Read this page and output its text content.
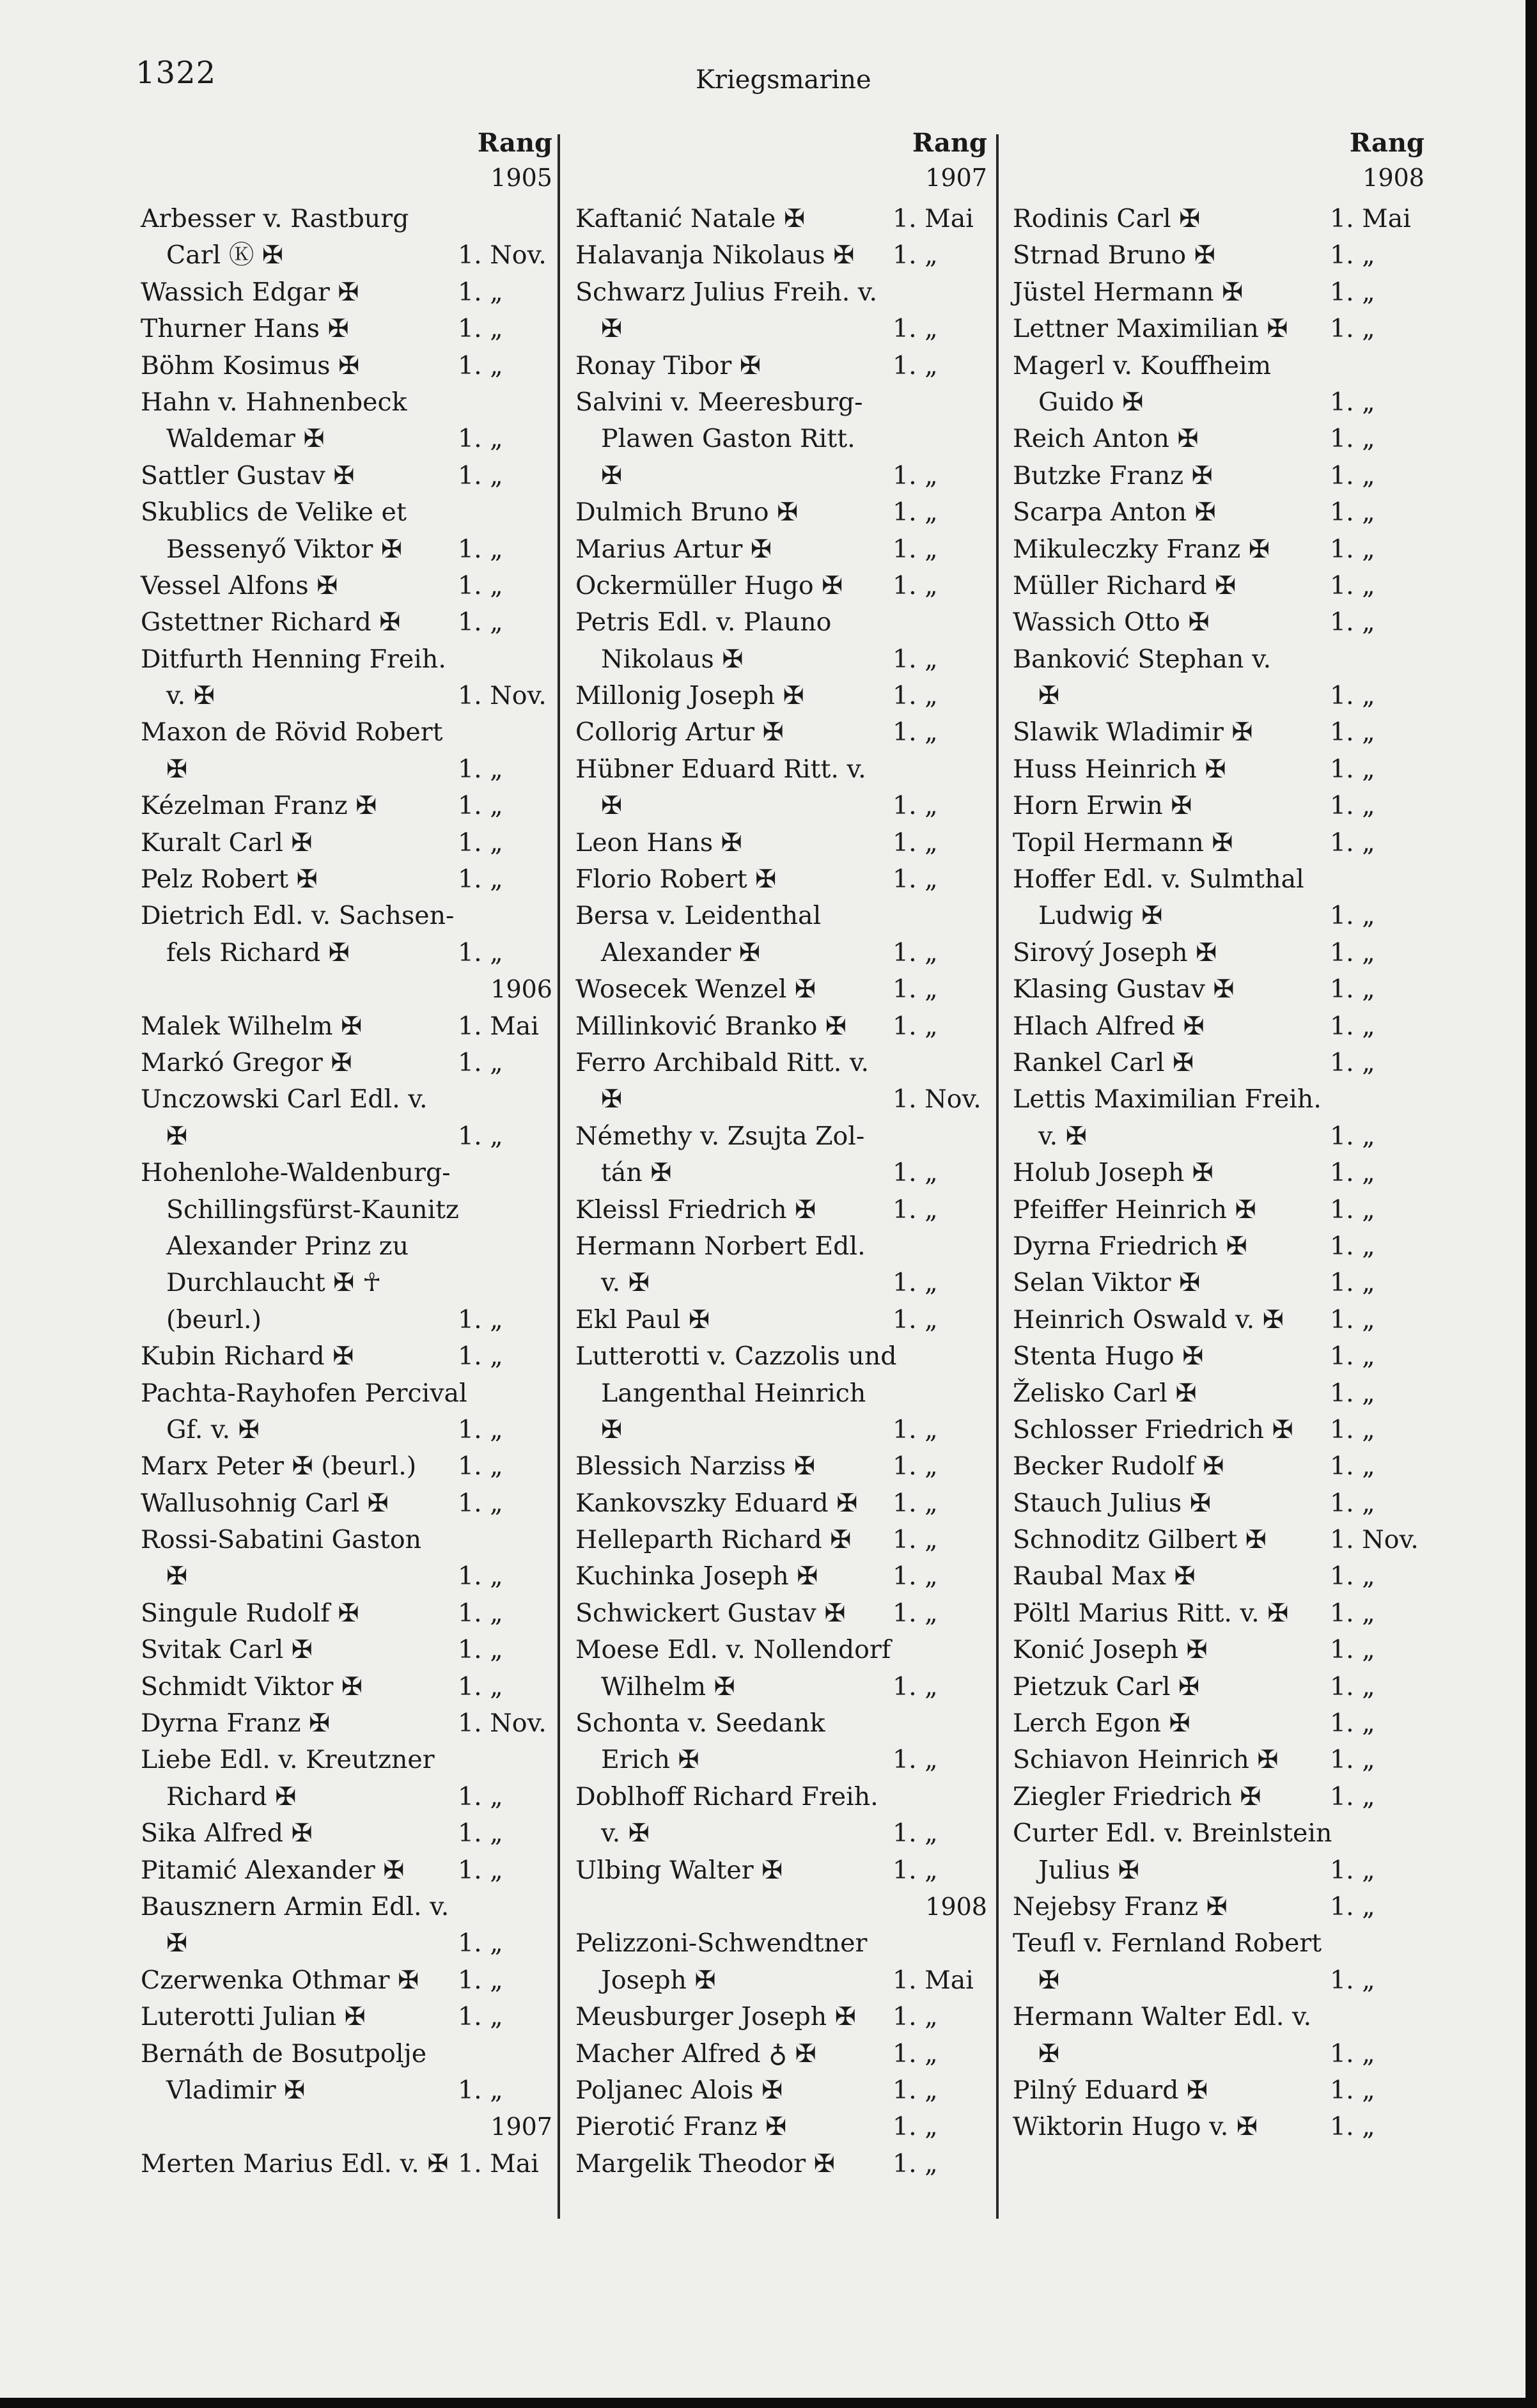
1322	Kriegsmarine
Rang
1905
Arbesser v. Rastburg
Carl Ⓚ ✠	1. Nov.
Wassich Edgar ✠	1. „
Thurner Hans ✠	1. „
Böhm Kosimus ✠	1. „
Hahn v. Hahnenbeck
Waldemar ✠	1. „
Sattler Gustav ✠	1. „
Skublics de Velike et
Bessenyő Viktor ✠ 1. „
Vessel Alfons ✠	1. „
Gstettner Richard ✠ 1. „
Ditfurth Henning Freih.
v. ✠	1. Nov.
Maxon de Rövid Robert
✠	1. „
Kézelman Franz ✠	1. „
Kuralt Carl ✠	1. „
Pelz Robert ✠	1. „
Dietrich Edl. v. Sachsen-
fels Richard ✠	1. „
1906
Malek Wilhelm ✠	1. Mai
Markó Gregor ✠	1. „
Unczowski Carl Edl. v.
✠	1. „
Hohenlohe-Waldenburg-
Schillingsfürst-Kaunitz
Alexander Prinz zu
Durchlaucht ✠ ☥
(beurl.)	1. „
Kubin Richard ✠	1. „
Pachta-Rayhofen Percival
Gf. v. ✠	1. „
Marx Peter ✠ (beurl.) 1. „
Wallusohnig Carl ✠	1. „
Rossi-Sabatini Gaston
✠	1. „
Singule Rudolf ✠	1. „
Svitak Carl ✠	1. „
Schmidt Viktor ✠	1. „
Dyrna Franz ✠	1. Nov.
Liebe Edl. v. Kreutzner
Richard ✠	1. „
Sika Alfred ✠	1. „
Pitamić Alexander ✠ 1. „
Bausznern Armin Edl. v.
✠	1. „
Czerwenka Othmar ✠ 1. „
Luterotti Julian ✠	1. „
Bernáth de Bosutpolje
Vladimir ✠	1. „
1907
Merten Marius Edl. v. ✠ 1. Mai
Rang
1907
Kaftanić Natale ✠	1. Mai
Halavanja Nikolaus ✠ 1. „
Schwarz Julius Freih. v.
✠	1. „
Ronay Tibor ✠	1. „
Salvini v. Meeresburg-
Plawen Gaston Ritt.
✠	1. „
Dulmich Bruno ✠	1. „
Marius Artur ✠	1. „
Ockermüller Hugo ✠ 1. „
Petris Edl. v. Plauno
Nikolaus ✠	1. „
Millonig Joseph ✠	1. „
Collorig Artur ✠	1. „
Hübner Eduard Ritt. v.
✠	1. „
Leon Hans ✠	1. „
Florio Robert ✠	1. „
Bersa v. Leidenthal
Alexander ✠	1. „
Wosecek Wenzel ✠	1. „
Millinković Branko ✠ 1. „
Ferro Archibald Ritt. v.
✠	1. Nov.
Némethy v. Zsujta Zol-
tán ✠	1. „
Kleissl Friedrich ✠	1. „
Hermann Norbert Edl.
v. ✠	1. „
Ekl Paul ✠	1. „
Lutterotti v. Cazzolis und
Langenthal Heinrich
✠	1. „
Blessich Narziss ✠	1. „
Kankovszky Eduard ✠ 1. „
Helleparth Richard ✠ 1. „
Kuchinka Joseph ✠	1. „
Schwickert Gustav ✠ 1. „
Moese Edl. v. Nollendorf
Wilhelm ✠	1. „
Schonta v. Seedank
Erich ✠	1. „
Doblhoff Richard Freih.
v. ✠	1. „
Ulbing Walter ✠	1. „
1908
Pelizzoni-Schwendtner
Joseph ✠	1. Mai
Meusburger Joseph ✠ 1. „
Macher Alfred ♁ ✠	1. „
Poljanec Alois ✠	1. „
Pierotić Franz ✠	1. „
Margelik Theodor ✠ 1. „
Rang
1908
Rodinis Carl ✠	1. Mai
Strnad Bruno ✠	1. „
Jüstel Hermann ✠	1. „
Lettner Maximilian ✠ 1. „
Magerl v. Kouffheim
Guido ✠	1. „
Reich Anton ✠	1. „
Butzke Franz ✠	1. „
Scarpa Anton ✠	1. „
Mikuleczky Franz ✠ 1. „
Müller Richard ✠	1. „
Wassich Otto ✠	1. „
Banković Stephan v.
✠	1. „
Slawik Wladimir ✠	1. „
Huss Heinrich ✠	1. „
Horn Erwin ✠	1. „
Topil Hermann ✠	1. „
Hoffer Edl. v. Sulmthal
Ludwig ✠	1. „
Sirový Joseph ✠	1. „
Klasing Gustav ✠	1. „
Hlach Alfred ✠	1. „
Rankel Carl ✠	1. „
Lettis Maximilian Freih.
v. ✠	1. „
Holub Joseph ✠	1. „
Pfeiffer Heinrich ✠	1. „
Dyrna Friedrich ✠	1. „
Selan Viktor ✠	1. „
Heinrich Oswald v. ✠ 1. „
Stenta Hugo ✠	1. „
Želisko Carl ✠	1. „
Schlosser Friedrich ✠ 1. „
Becker Rudolf ✠	1. „
Stauch Julius ✠	1. „
Schnoditz Gilbert ✠	1. Nov.
Raubal Max ✠	1. „
Pöltl Marius Ritt. v. ✠ 1. „
Konić Joseph ✠	1. „
Pietzuk Carl ✠	1. „
Lerch Egon ✠	1. „
Schiavon Heinrich ✠ 1. „
Ziegler Friedrich ✠	1. „
Curter Edl. v. Breinlstein
Julius ✠	1. „
Nejebsy Franz ✠	1. „
Teufl v. Fernland Robert
✠	1. „
Hermann Walter Edl. v.
✠	1. „
Pilný Eduard ✠	1. „
Wiktorin Hugo v. ✠	1. „
